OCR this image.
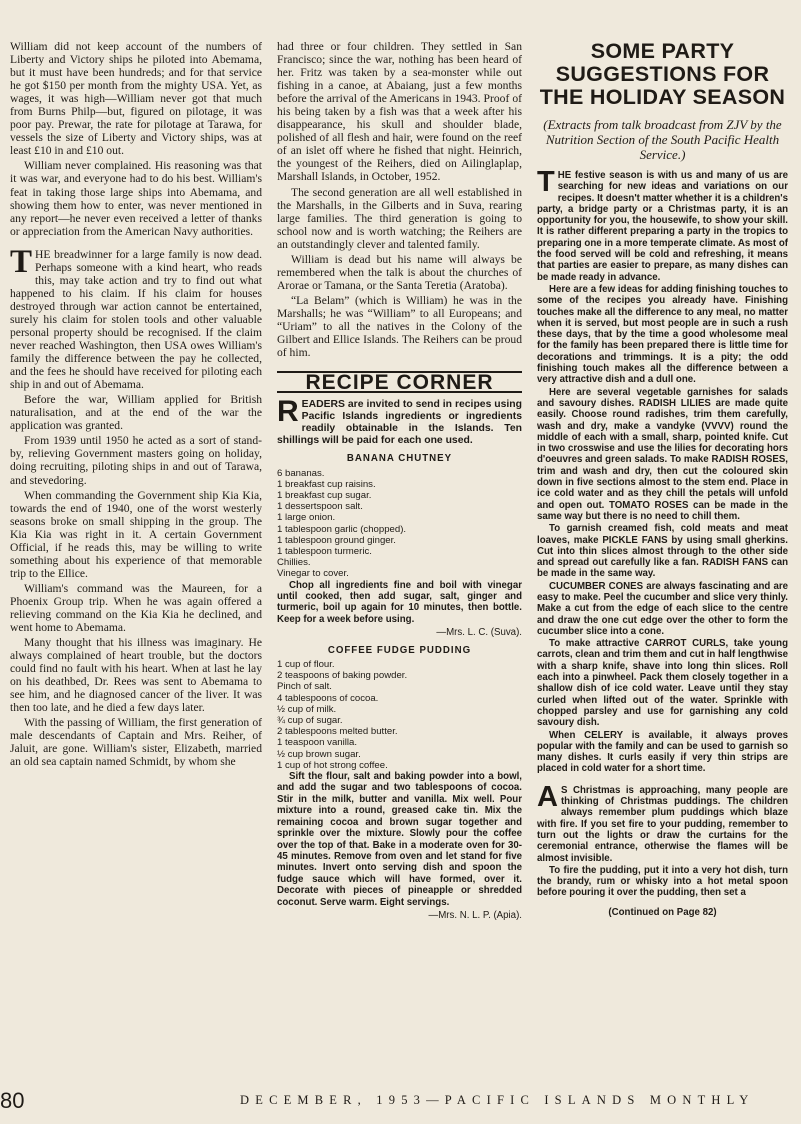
William did not keep account of the numbers of Liberty and Victory ships he piloted into Abemama, but it must have been hundreds; and for that service he got $150 per month from the mighty USA. Yet, as wages, it was high—William never got that much from Burns Philp—but, figured on pilotage, it was poor pay. Prewar, the rate for pilotage at Tarawa, for vessels the size of Liberty and Victory ships, was at least £10 in and £10 out.

William never complained. His reasoning was that it was war, and everyone had to do his best. William's feat in taking those large ships into Abemama, and showing them how to enter, was never mentioned in any report—he never even received a letter of thanks or appreciation from the American Navy authorities.

THE breadwinner for a large family is now dead. Perhaps someone with a kind heart, who reads this, may take action and try to find out what happened to his claim. If his claim for houses destroyed through war action cannot be entertained, surely his claim for stolen tools and other valuable personal property should be recognised. If the claim never reached Washington, then USA owes William's family the difference between the pay he collected, and the fees he should have received for piloting each ship in and out of Abemama.

Before the war, William applied for British naturalisation, and at the end of the war the application was granted.

From 1939 until 1950 he acted as a sort of stand-by, relieving Government masters going on holiday, doing recruiting, piloting ships in and out of Tarawa, and stevedoring.

When commanding the Government ship Kia Kia, towards the end of 1940, one of the worst westerly seasons broke on small shipping in the group. The Kia Kia was right in it. A certain Government Official, if he reads this, may be willing to write something about his experience of that memorable trip to the Ellice.

William's command was the Maureen, for a Phoenix Group trip. When he was again offered a relieving command on the Kia Kia he declined, and went home to Abemama.

Many thought that his illness was imaginary. He always complained of heart trouble, but the doctors could find no fault with his heart. When at last he lay on his deathbed, Dr. Rees was sent to Abemama to see him, and he diagnosed cancer of the liver. It was then too late, and he died a few days later.

With the passing of William, the first generation of male descendants of Captain and Mrs. Reiher, of Jaluit, are gone. William's sister, Elizabeth, married an old sea captain named Schmidt, by whom she

had three or four children. They settled in San Francisco; since the war, nothing has been heard of her. Fritz was taken by a sea-monster while out fishing in a canoe, at Abaiang, just a few months before the arrival of the Americans in 1943. Proof of his being taken by a fish was that a week after his disappearance, his skull and shoulder blade, polished of all flesh and hair, were found on the reef of an islet off where he fished that night. Heinrich, the youngest of the Reihers, died on Ailinglaplap, Marshall Islands, in October, 1952.

The second generation are all well established in the Marshalls, in the Gilberts and in Suva, rearing large families. The third generation is going to school now and is worth watching; the Reihers are an outstandingly clever and talented family.

William is dead but his name will always be remembered when the talk is about the churches of Arorae or Tamana, or the Santa Teretia (Aratoba).

“La Belam” (which is William) he was in the Marshalls; he was “William” to all Europeans; and “Uriam” to all the natives in the Colony of the Gilbert and Ellice Islands. The Reihers can be proud of him.

RECIPE CORNER

READERS are invited to send in recipes using Pacific Islands ingredients or ingredients readily obtainable in the Islands. Ten shillings will be paid for each one used.

BANANA CHUTNEY

6 bananas.

1 breakfast cup raisins.

1 breakfast cup sugar.

1 dessertspoon salt.

1 large onion.

1 tablespoon garlic (chopped).

1 tablespoon ground ginger.

1 tablespoon turmeric.

Chillies.

Vinegar to cover.

Chop all ingredients fine and boil with vinegar until cooked, then add sugar, salt, ginger and turmeric, boil up again for 10 minutes, then bottle. Keep for a week before using.

—Mrs. L. C. (Suva).

COFFEE FUDGE PUDDING

1 cup of flour.

2 teaspoons of baking powder.

Pinch of salt.

4 tablespoons of cocoa.

½ cup of milk.

¾ cup of sugar.

2 tablespoons melted butter.

1 teaspoon vanilla.

½ cup brown sugar.

1 cup of hot strong coffee.

Sift the flour, salt and baking powder into a bowl, and add the sugar and two tablespoons of cocoa. Stir in the milk, butter and vanilla. Mix well. Pour mixture into a round, greased cake tin. Mix the remaining cocoa and brown sugar together and sprinkle over the mixture. Slowly pour the coffee over the top of that. Bake in a moderate oven for 30-45 minutes. Remove from oven and let stand for five minutes. Invert onto serving dish and spoon the fudge sauce which will have formed, over it. Decorate with pieces of pineapple or shredded coconut. Serve warm. Eight servings.

—Mrs. N. L. P. (Apia).

SOME PARTY SUGGESTIONS FOR THE HOLIDAY SEASON
(Extracts from talk broadcast from ZJV by the Nutrition Section of the South Pacific Health Service.)

THE festive season is with us and many of us are searching for new ideas and variations on our recipes. It doesn't matter whether it is a children's party, a bridge party or a Christmas party, it is an opportunity for you, the housewife, to show your skill. It is rather different preparing a party in the tropics to preparing one in a more temperate climate. As most of the food served will be cold and refreshing, it means that parties are easier to prepare, as many dishes can be made ready in advance.

Here are a few ideas for adding finishing touches to some of the recipes you already have. Finishing touches make all the difference to any meal, no matter when it is served, but most people are in such a rush these days, that by the time a good wholesome meal for the family has been prepared there is little time for decorations and trimmings. It is a pity; the odd finishing touch makes all the difference between a very attractive dish and a dull one.

Here are several vegetable garnishes for salads and savoury dishes. RADISH LILIES are made quite easily. Choose round radishes, trim them carefully, wash and dry, make a vandyke (VVVV) round the middle of each with a small, sharp, pointed knife. Cut in two crosswise and use the lilies for decorating hors d'oeuvres and green salads. To make RADISH ROSES, trim and wash and dry, then cut the coloured skin down in five sections almost to the stem end. Place in ice cold water and as they chill the petals will unfold and open out. TOMATO ROSES can be made in the same way but there is no need to chill them.

To garnish creamed fish, cold meats and meat loaves, make PICKLE FANS by using small gherkins. Cut into thin slices almost through to the other side and spread out carefully like a fan. RADISH FANS can be made in the same way.

CUCUMBER CONES are always fascinating and are easy to make. Peel the cucumber and slice very thinly. Make a cut from the edge of each slice to the centre and draw the one cut edge over the other to form the cucumber slice into a cone.

To make attractive CARROT CURLS, take young carrots, clean and trim them and cut in half lengthwise with a sharp knife, shave into long thin slices. Roll each into a pinwheel. Pack them closely together in a shallow dish of ice cold water. Leave until they stay curled when lifted out of the water. Sprinkle with chopped parsley and use for garnishing any cold savoury dish.

When CELERY is available, it always proves popular with the family and can be used to garnish so many dishes. It curls easily if very thin strips are placed in cold water for a short time.

AS Christmas is approaching, many people are thinking of Christmas puddings. The children always remember plum puddings which blaze with fire. If you set fire to your pudding, remember to turn out the lights or draw the curtains for the ceremonial entrance, otherwise the flames will be almost invisible.

To fire the pudding, put it into a very hot dish, turn the brandy, rum or whisky into a hot metal spoon before pouring it over the pudding, then set a

(Continued on Page 82)

80	DECEMBER, 1953—PACIFIC ISLANDS MONTHLY
